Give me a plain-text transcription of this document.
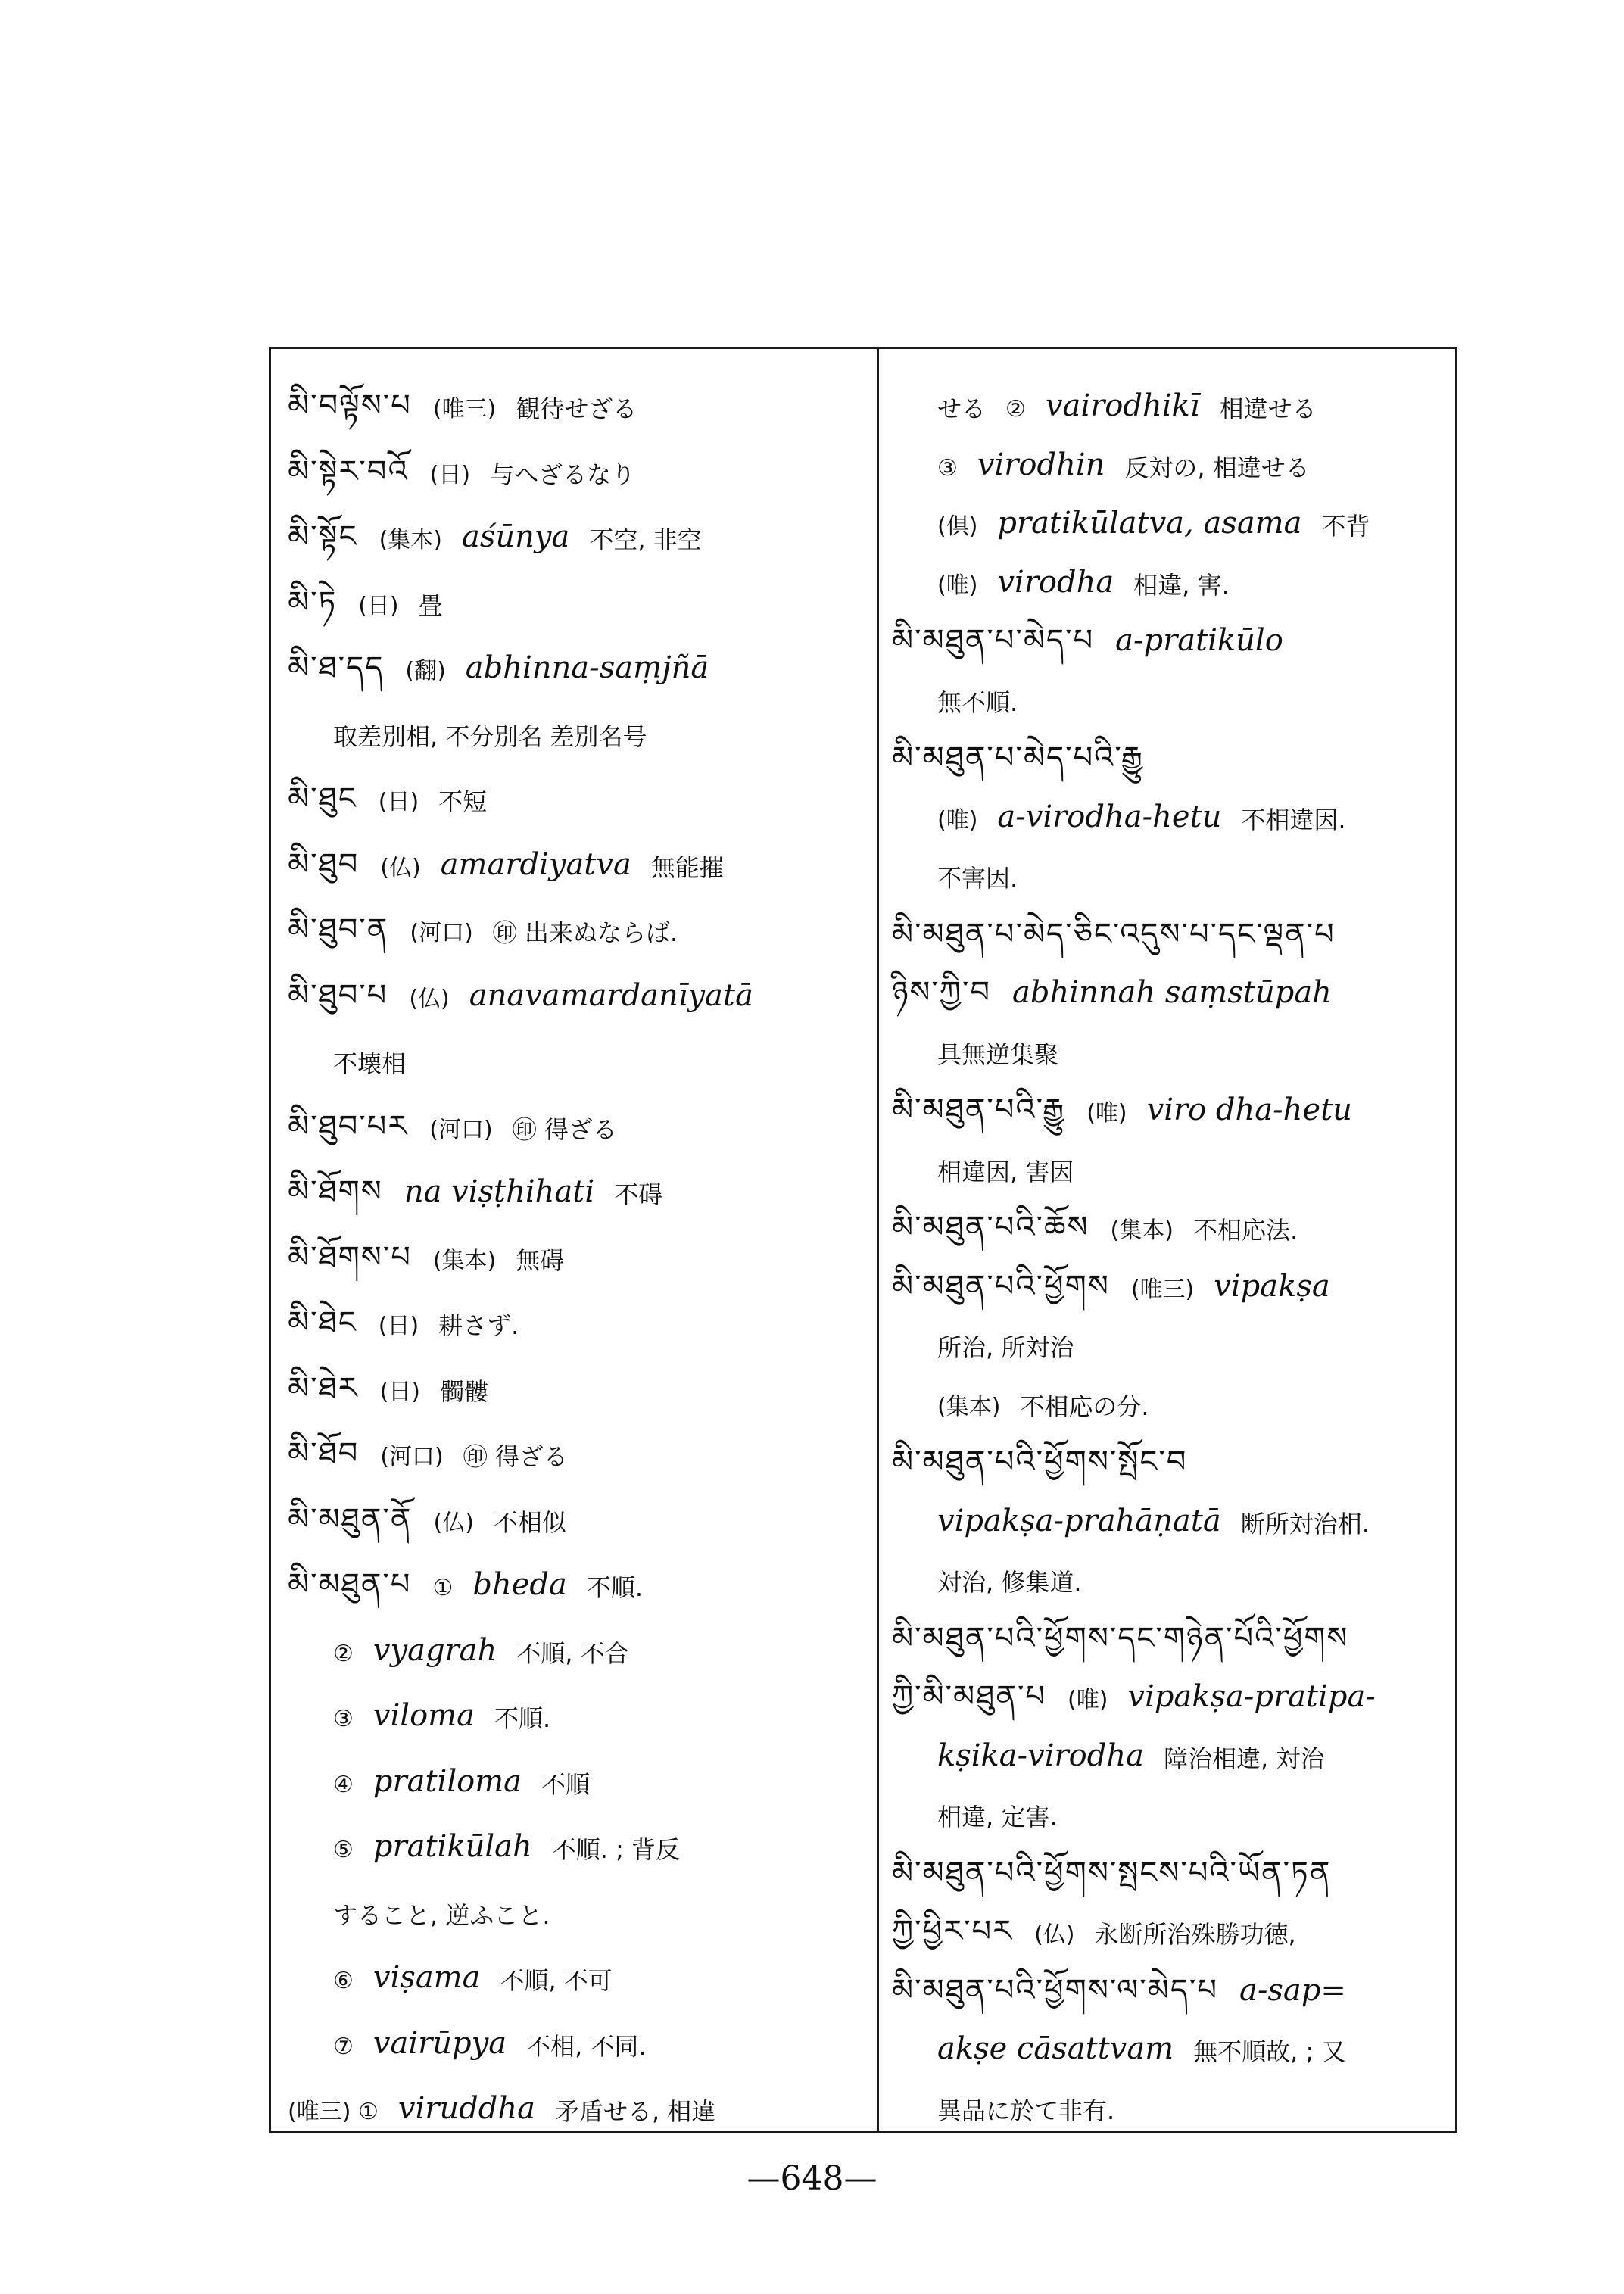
མི་བལྟོས་པ (唯三) 観待せざる
མི་སྟེར་བའོ (日) 与へざるなり
མི་སྟོང (集本) aśūnya 不空, 非空
མི་ཏེ (日) 畳
མི་ཐ་དད (翻) abhinna-saṃjñā
取差別相, 不分別名 差別名号
མི་ཐུང (日) 不短
མི་ཐུབ (仏) amardiyatva 無能摧
མི་ཐུབ་ན (河口) ㊞ 出来ぬならば.
མི་ཐུབ་པ (仏) anavamardanīyatā
不壊相
མི་ཐུབ་པར (河口) ㊞ 得ざる
མི་ཐོགས na viṣṭhihati 不碍
མི་ཐོགས་པ (集本) 無碍
མི་ཐེང (日) 耕さず.
མི་ཐེར (日) 髑髏
མི་ཐོབ (河口) ㊞ 得ざる
མི་མཐུན་ནོ (仏) 不相似
མི་མཐུན་པ ① bheda 不順.
② vyagrah 不順, 不合
③ viloma 不順.
④ pratiloma 不順
⑤ pratikūlah 不順. ; 背反
すること, 逆ふこと.
⑥ viṣama 不順, 不可
⑦ vairūpya 不相, 不同.
(唯三) ① viruddha 矛盾せる, 相違
せる ② vairodhikī 相違せる
③ virodhin 反対の, 相違せる
(倶) pratikūlatva, asama 不背
(唯) virodha 相違, 害.
མི་མཐུན་པ་མེད་པ a-pratikūlo
無不順.
མི་མཐུན་པ་མེད་པའི་རྒྱུ
(唯) a-virodha-hetu 不相違因.
不害因.
མི་མཐུན་པ་མེད་ཅིང་འདུས་པ་དང་ལྡན་པ
ཉིས་ཀྱི་བ abhinnah saṃstūpah
具無逆集聚
མི་མཐུན་པའི་རྒྱུ (唯) viro dha-hetu
相違因, 害因
མི་མཐུན་པའི་ཆོས (集本) 不相応法.
མི་མཐུན་པའི་ཕྱོགས (唯三) vipakṣa
所治, 所対治
(集本) 不相応の分.
མི་མཐུན་པའི་ཕྱོགས་སྤོང་བ
vipakṣa-prahāṇatā 断所対治相.
対治, 修集道.
མི་མཐུན་པའི་ཕྱོགས་དང་གཉེན་པོའི་ཕྱོགས
ཀྱི་མི་མཐུན་པ (唯) vipakṣa-pratipa-
kṣika-virodha 障治相違, 対治
相違, 定害.
མི་མཐུན་པའི་ཕྱོགས་སྤངས་པའི་ཡོན་ཏན
ཀྱི་ཕྱིར་པར (仏) 永断所治殊勝功徳,
མི་མཐུན་པའི་ཕྱོགས་ལ་མེད་པ a-sap=
akṣe cāsattvam 無不順故, ; 又
異品に於て非有.
—648—
